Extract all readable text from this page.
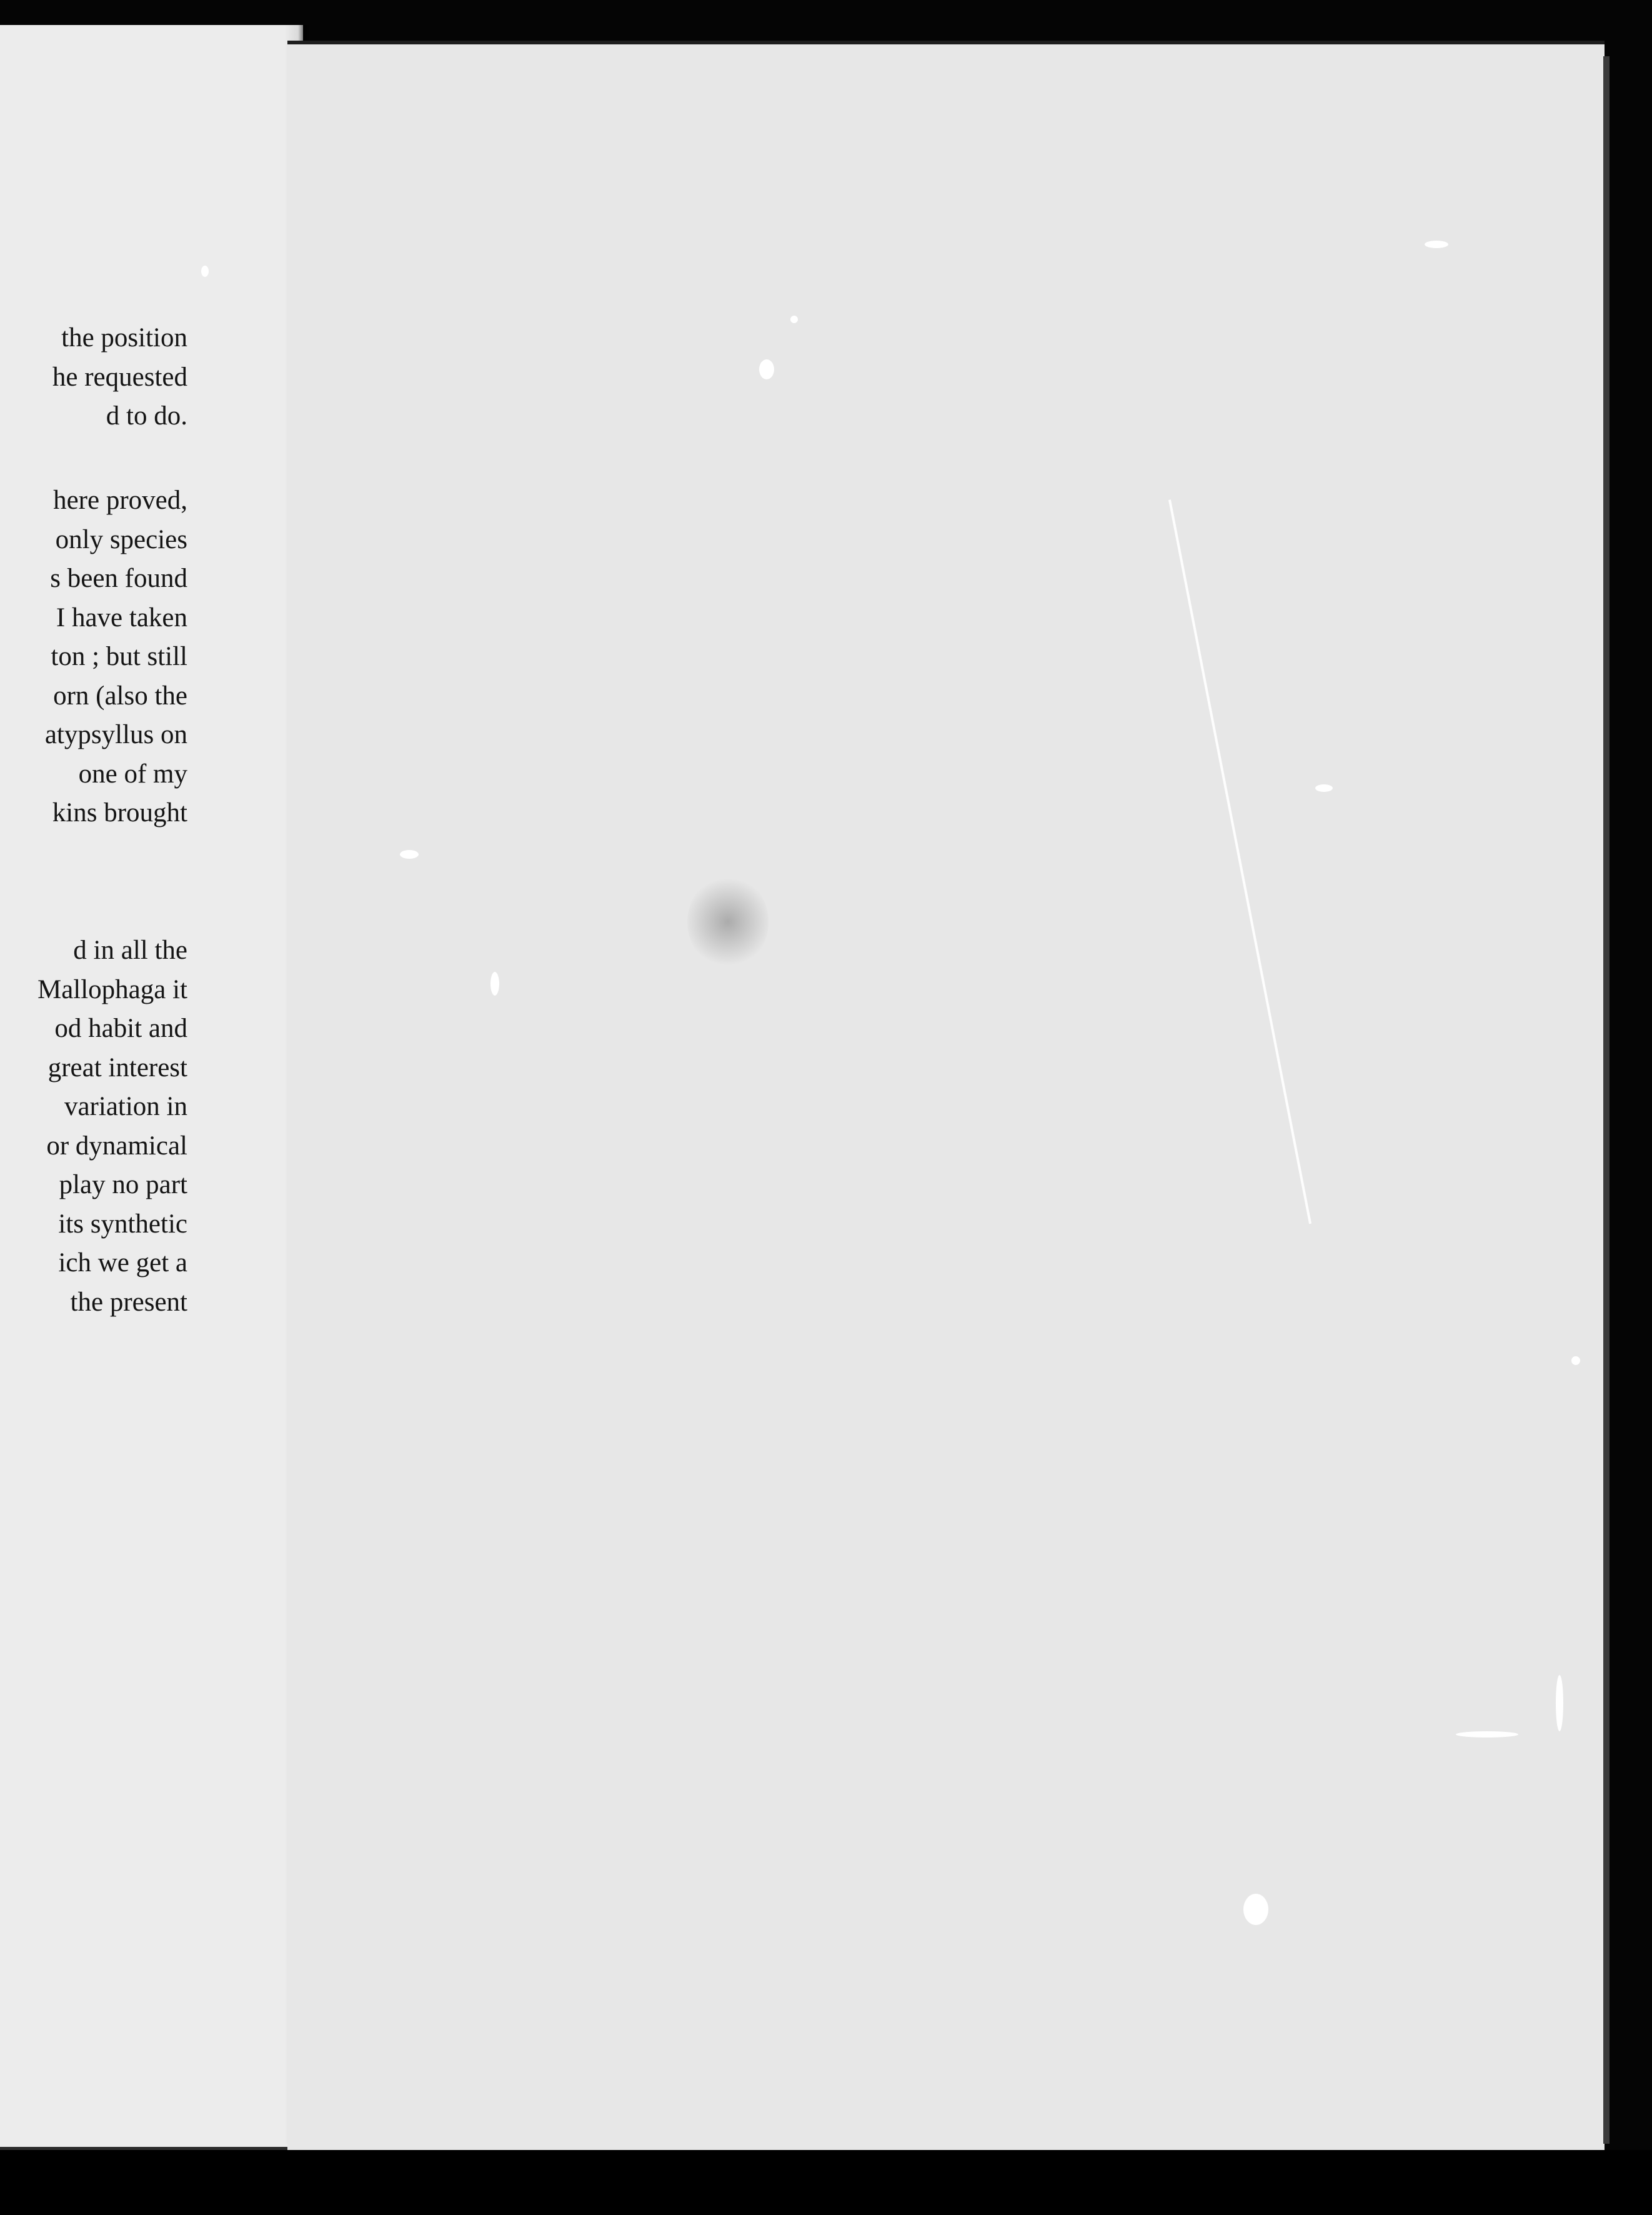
the position
he requested
d to do.
here proved,
only species
s been found
I have taken
ton ; but still
orn (also the
atypsyllus on
one of my
kins brought
d in all the
Mallophaga it
od habit and
great interest
variation in
or dynamical
play no part
its synthetic
ich we get a
the present
